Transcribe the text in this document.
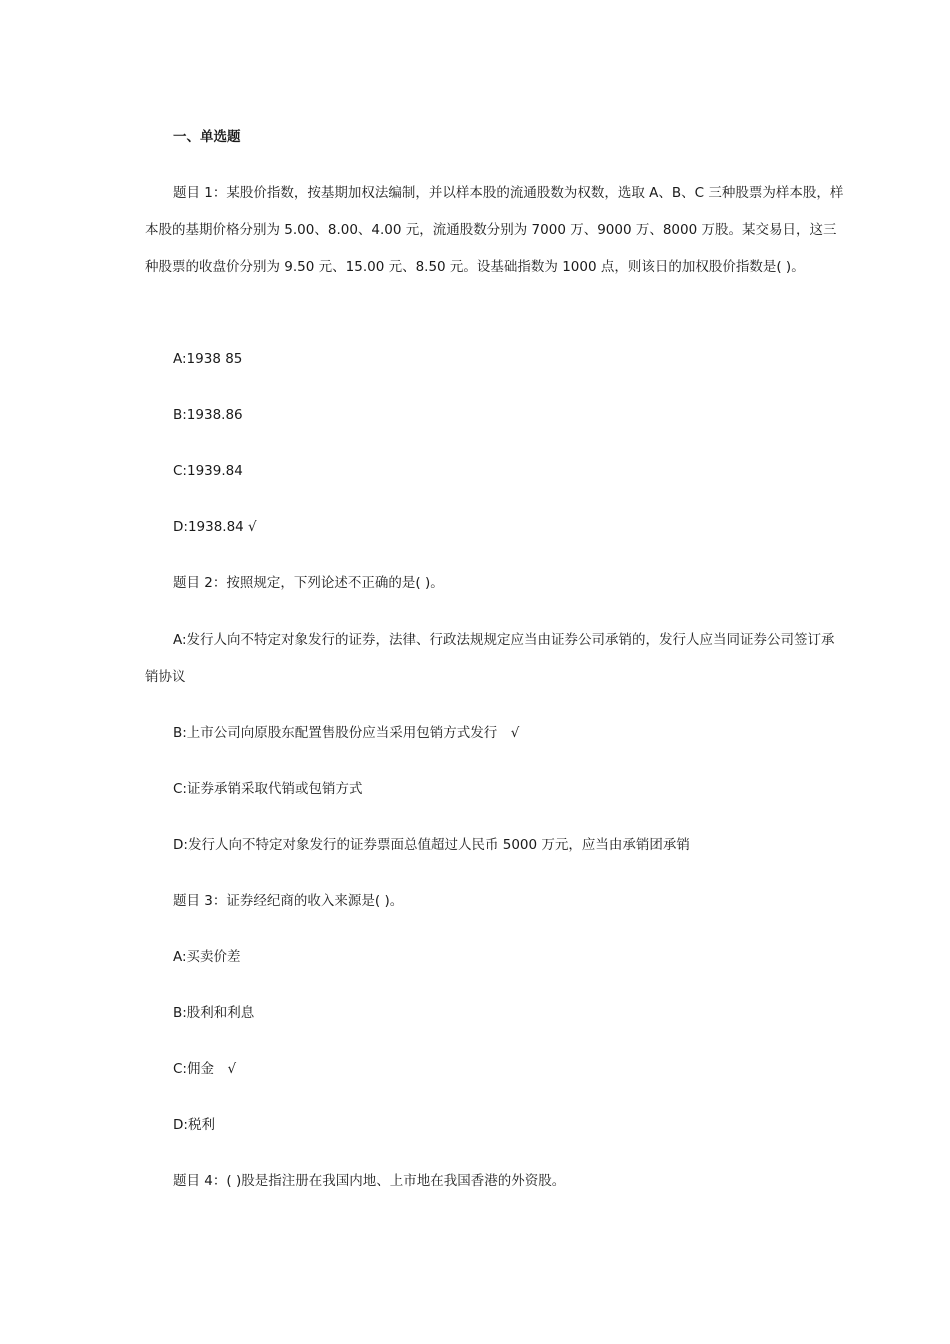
一、单选题

题目 1：某股价指数，按基期加权法编制，并以样本股的流通股数为权数，选取 A、B、C 三种股票为样本股，样本股的基期价格分别为 5.00、8.00、4.00 元，流通股数分别为 7000 万、9000 万、8000 万股。某交易日，这三种股票的收盘价分别为 9.50 元、15.00 元、8.50 元。设基础指数为 1000 点，则该日的加权股价指数是( )。

A:1938 85

B:1938.86

C:1939.84

D:1938.84 √

题目 2：按照规定，下列论述不正确的是( )。

A:发行人向不特定对象发行的证券，法律、行政法规规定应当由证券公司承销的，发行人应当同证券公司签订承销协议

B:上市公司向原股东配置售股份应当采用包销方式发行　√

C:证券承销采取代销或包销方式

D:发行人向不特定对象发行的证券票面总值超过人民币 5000 万元，应当由承销团承销

题目 3：证券经纪商的收入来源是( )。

A:买卖价差

B:股利和利息

C:佣金　√

D:税利

题目 4：( )股是指注册在我国内地、上市地在我国香港的外资股。
